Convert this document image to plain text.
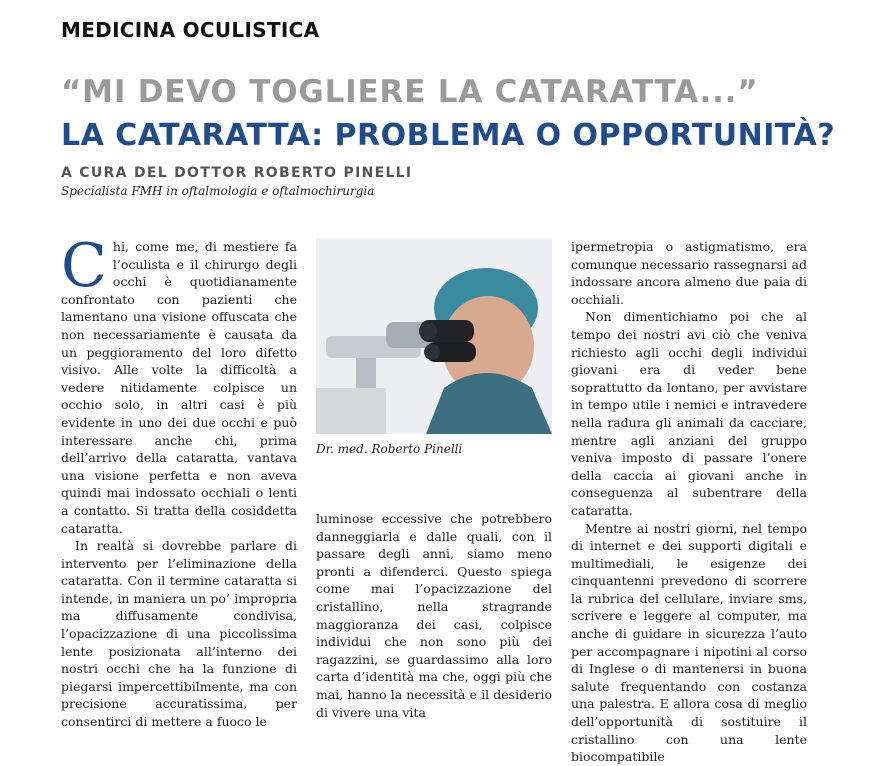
MEDICINA OCULISTICA
“MI DEVO TOGLIERE LA CATARATTA...”
LA CATARATTA: PROBLEMA O OPPORTUNITÀ?
A CURA DEL DOTTOR ROBERTO PINELLI
Specialista FMH in oftalmologia e oftalmochirurgia

Chi, come me, di mestiere fa l’oculista e il chirurgo degli occhi è quotidianamente confrontato con pazienti che lamentano una visione offuscata che non necessariamente è causata da un peggioramento del loro difetto visivo. Alle volte la difficoltà a vedere nitidamente colpisce un occhio solo, in altri casi è più evidente in uno dei due occhi e può interessare anche chi, prima dell’arrivo della cataratta, vantava una visione perfetta e non aveva quindi mai indossato occhiali o lenti a contatto. Si tratta della cosiddetta cataratta.

In realtà si dovrebbe parlare di intervento per l’eliminazione della cataratta. Con il termine cataratta si intende, in maniera un po’ impropria ma diffusamente condivisa, l’opacizzazione di una piccolissima lente posizionata all’interno dei nostri occhi che ha la funzione di piegarsi impercettibilmente, ma con precisione accuratissima, per consentirci di mettere a fuoco le

Dr. med. Roberto Pinelli

luminose eccessive che potrebbero danneggiarla e dalle quali, con il passare degli anni, siamo meno pronti a difenderci. Questo spiega come mai l’opacizzazione del cristallino, nella stragrande maggioranza dei casi, colpisce individui che non sono più dei ragazzini, se guardassimo alla loro carta d’identità ma che, oggi più che mai, hanno la necessità e il desiderio di vivere una vita

ipermetropia o astigmatismo, era comunque necessario rassegnarsi ad indossare ancora almeno due paia di occhiali.

Non dimentichiamo poi che al tempo dei nostri avi ciò che veniva richiesto agli occhi degli individui giovani era di veder bene soprattutto da lontano, per avvistare in tempo utile i nemici e intravedere nella radura gli animali da cacciare, mentre agli anziani del gruppo veniva imposto di passare l’onere della caccia ai giovani anche in conseguenza al subentrare della cataratta.

Mentre ai nostri giorni, nel tempo di internet e dei supporti digitali e multimediali, le esigenze dei cinquantenni prevedono di scorrere la rubrica del cellulare, inviare sms, scrivere e leggere al computer, ma anche di guidare in sicurezza l’auto per accompagnare i nipotini al corso di Inglese o di mantenersi in buona salute frequentando con costanza una palestra. E allora cosa di meglio dell’opportunità di sostituire il cristallino con una lente biocompatibile
